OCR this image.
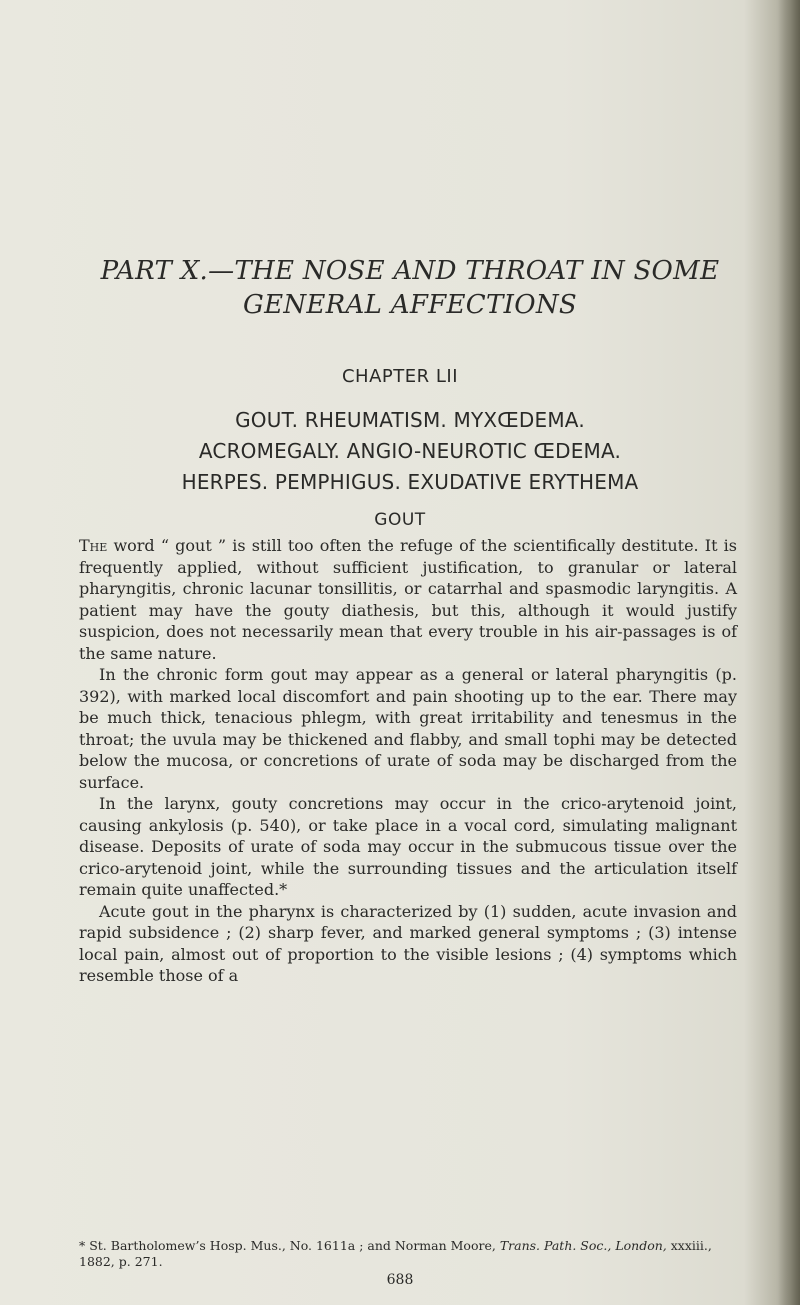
PART X.—THE NOSE AND THROAT IN SOME
GENERAL AFFECTIONS
CHAPTER LII
GOUT. RHEUMATISM. MYXŒDEMA.
ACROMEGALY. ANGIO-NEUROTIC ŒDEMA.
HERPES. PEMPHIGUS. EXUDATIVE ERYTHEMA
GOUT

The word “ gout ” is still too often the refuge of the scientifically destitute. It is frequently applied, without sufficient justification, to granular or lateral pharyngitis, chronic lacunar tonsillitis, or catarrhal and spasmodic laryngitis. A patient may have the gouty diathesis, but this, although it would justify suspicion, does not necessarily mean that every trouble in his air-passages is of the same nature.

In the chronic form gout may appear as a general or lateral pharyngitis (p. 392), with marked local discomfort and pain shooting up to the ear. There may be much thick, tenacious phlegm, with great irritability and tenesmus in the throat; the uvula may be thickened and flabby, and small tophi may be detected below the mucosa, or concretions of urate of soda may be discharged from the surface.

In the larynx, gouty concretions may occur in the crico-arytenoid joint, causing ankylosis (p. 540), or take place in a vocal cord, simulating malignant disease. Deposits of urate of soda may occur in the submucous tissue over the crico-arytenoid joint, while the surrounding tissues and the articulation itself remain quite unaffected.*

Acute gout in the pharynx is characterized by (1) sudden, acute invasion and rapid subsidence ; (2) sharp fever, and marked general symptoms ; (3) intense local pain, almost out of proportion to the visible lesions ; (4) symptoms which resemble those of a

* St. Bartholomew’s Hosp. Mus., No. 1611a ; and Norman Moore, Trans. Path. Soc., London, xxxiii., 1882, p. 271.
688
